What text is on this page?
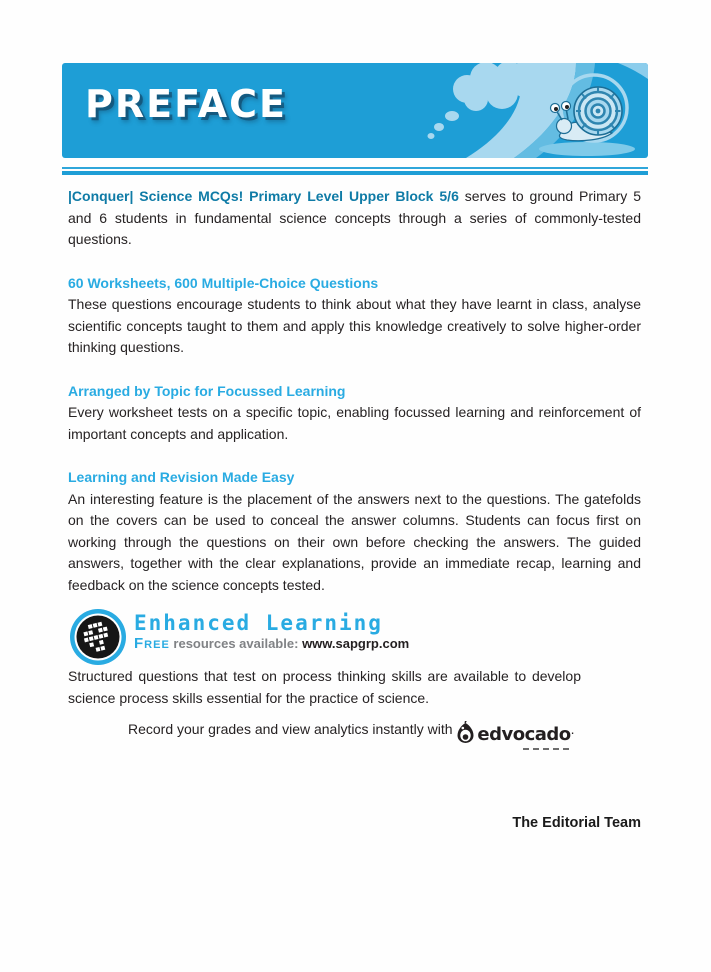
PREFACE

|Conquer| Science MCQs! Primary Level Upper Block 5/6 serves to ground Primary 5 and 6 students in fundamental science concepts through a series of commonly-tested questions.

60 Worksheets, 600 Multiple-Choice Questions

These questions encourage students to think about what they have learnt in class, analyse scientific concepts taught to them and apply this knowledge creatively to solve higher-order thinking questions.

Arranged by Topic for Focussed Learning

Every worksheet tests on a specific topic, enabling focussed learning and reinforcement of important concepts and application.

Learning and Revision Made Easy

An interesting feature is the placement of the answers next to the questions. The gatefolds on the covers can be used to conceal the answer columns. Students can focus first on working through the questions on their own before checking the answers. The guided answers, together with the clear explanations, provide an immediate recap, learning and feedback on the science concepts tested.

Enhanced Learning
Free resources available: www.sapgrp.com

Structured questions that test on process thinking skills are available to develop science process skills essential for the practice of science.

Record your grades and view analytics instantly with edvocado
.

The Editorial Team
